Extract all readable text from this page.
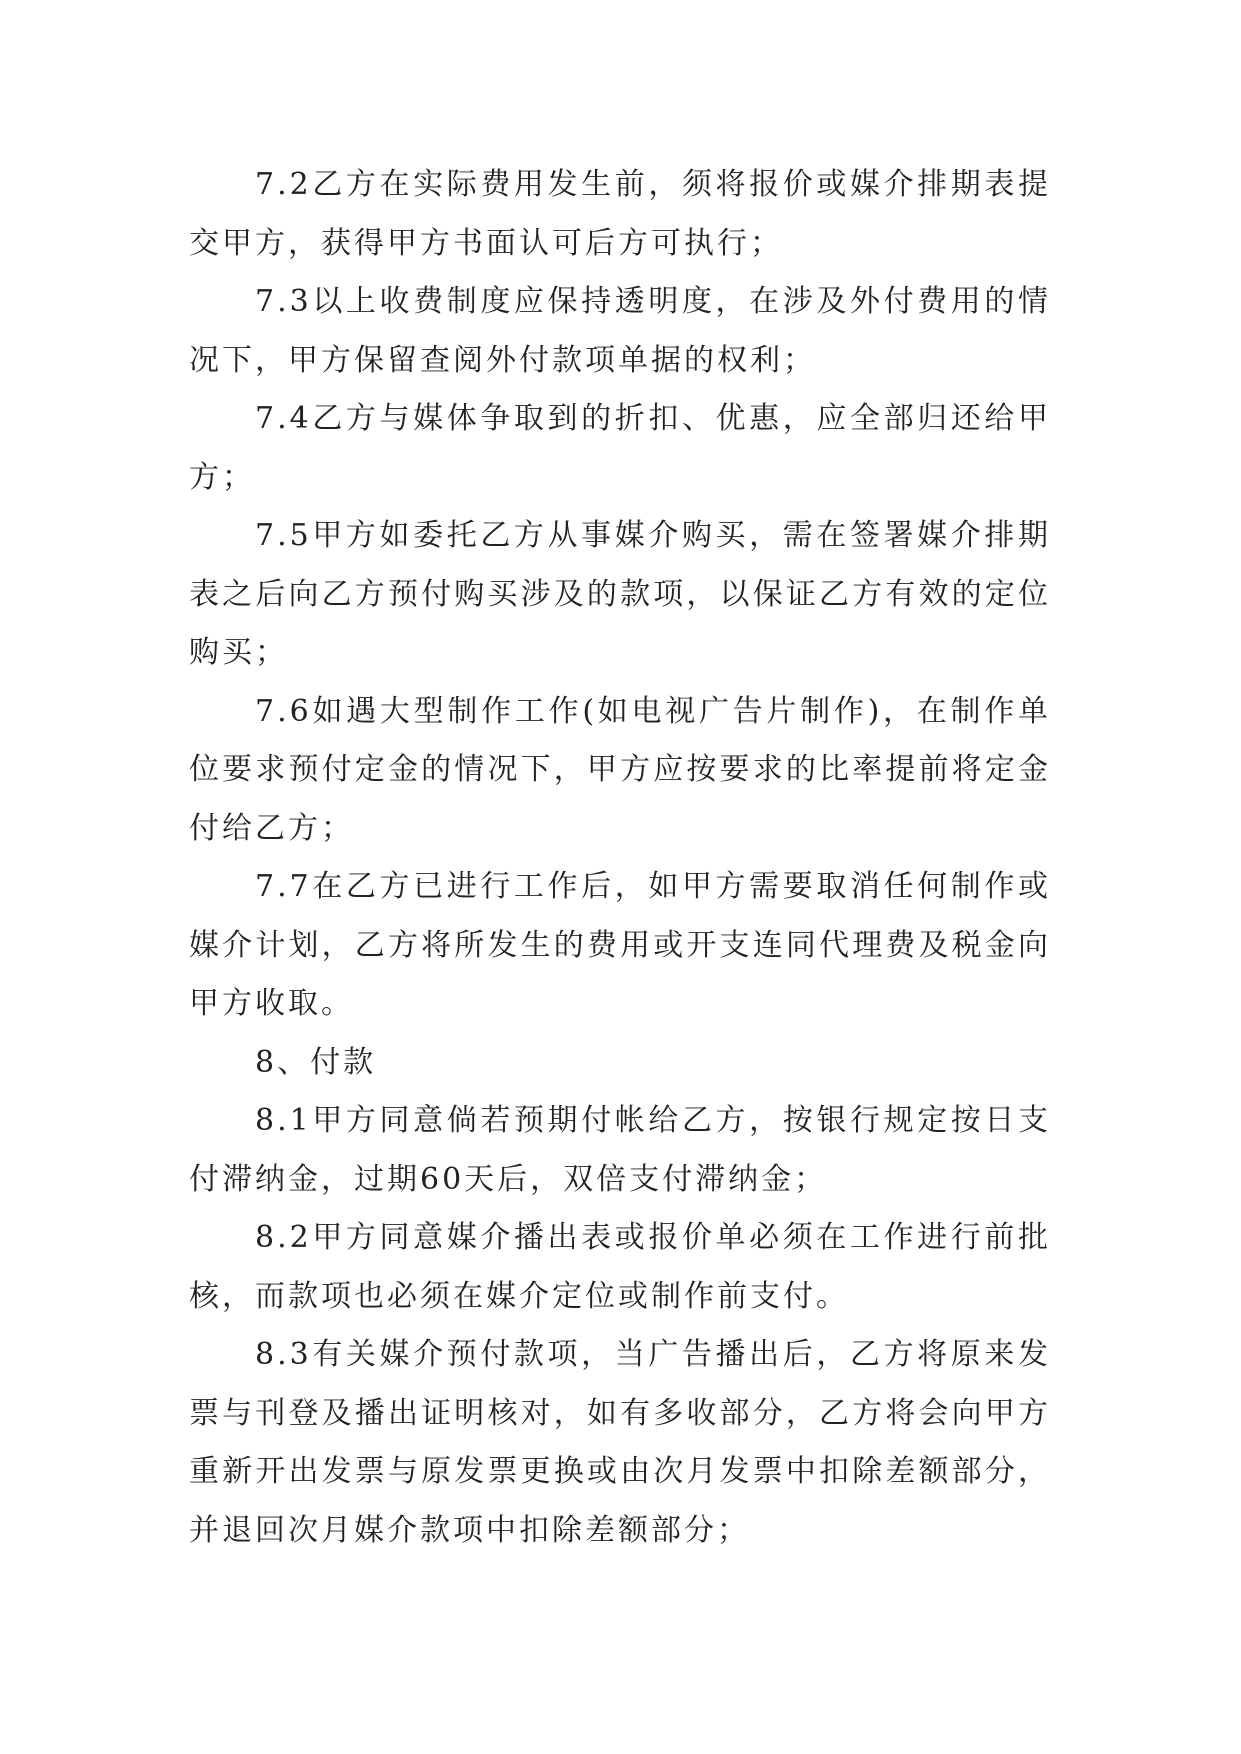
7.2乙方在实际费用发生前，须将报价或媒介排期表提交甲方，获得甲方书面认可后方可执行；

7.3以上收费制度应保持透明度，在涉及外付费用的情况下，甲方保留查阅外付款项单据的权利；

7.4乙方与媒体争取到的折扣、优惠，应全部归还给甲方；

7.5甲方如委托乙方从事媒介购买，需在签署媒介排期表之后向乙方预付购买涉及的款项，以保证乙方有效的定位购买；

7.6如遇大型制作工作(如电视广告片制作)，在制作单位要求预付定金的情况下，甲方应按要求的比率提前将定金付给乙方；

7.7在乙方已进行工作后，如甲方需要取消任何制作或媒介计划，乙方将所发生的费用或开支连同代理费及税金向甲方收取。

8、付款

8.1甲方同意倘若预期付帐给乙方，按银行规定按日支付滞纳金，过期60天后，双倍支付滞纳金；

8.2甲方同意媒介播出表或报价单必须在工作进行前批核，而款项也必须在媒介定位或制作前支付。

8.3有关媒介预付款项，当广告播出后，乙方将原来发票与刊登及播出证明核对，如有多收部分，乙方将会向甲方重新开出发票与原发票更换或由次月发票中扣除差额部分，并退回次月媒介款项中扣除差额部分；
